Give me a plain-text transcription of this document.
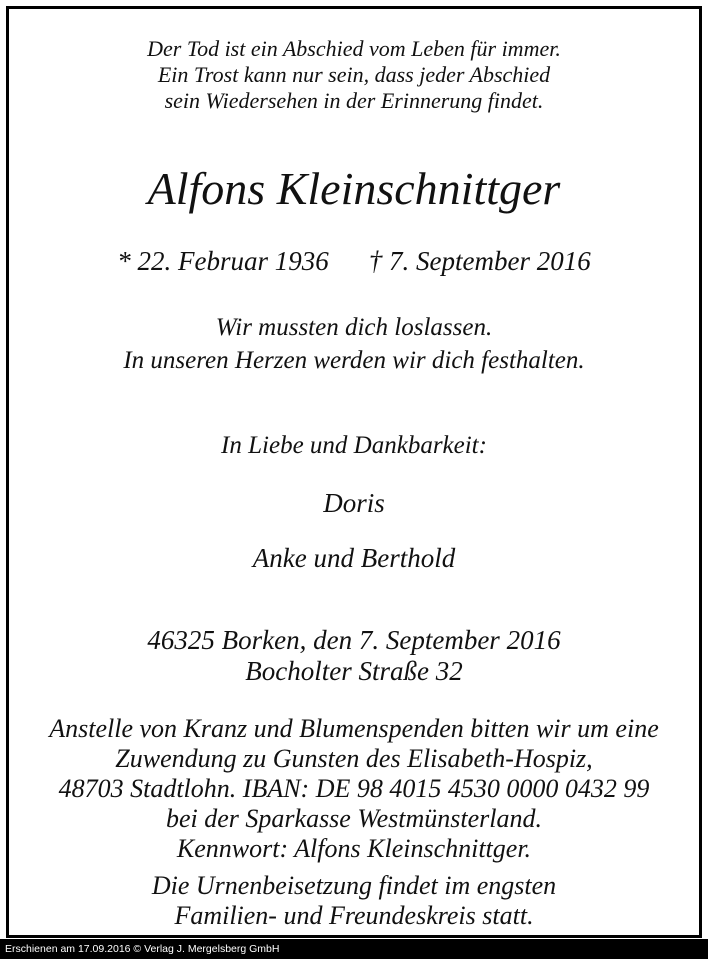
Der Tod ist ein Abschied vom Leben für immer.
Ein Trost kann nur sein, dass jeder Abschied
sein Wiedersehen in der Erinnerung findet.
Alfons Kleinschnittger
* 22. Februar 1936 † 7. September 2016
Wir mussten dich loslassen.
In unseren Herzen werden wir dich festhalten.
In Liebe und Dankbarkeit:
Doris
Anke und Berthold
46325 Borken, den 7. September 2016
Bocholter Straße 32
Anstelle von Kranz und Blumenspenden bitten wir um eine
Zuwendung zu Gunsten des Elisabeth-Hospiz,
48703 Stadtlohn. IBAN: DE 98 4015 4530 0000 0432 99
bei der Sparkasse Westmünsterland.
Kennwort: Alfons Kleinschnittger.
Die Urnenbeisetzung findet im engsten
Familien- und Freundeskreis statt.
Erschienen am 17.09.2016 © Verlag J. Mergelsberg GmbH
